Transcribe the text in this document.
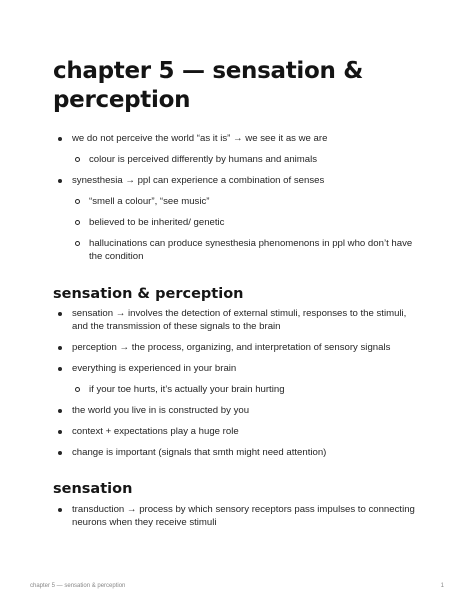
chapter 5 — sensation & perception
we do not perceive the world “as it is” → we see it as we are
colour is perceived differently by humans and animals
synesthesia → ppl can experience a combination of senses
“smell a colour”, “see music”
believed to be inherited/ genetic
hallucinations can produce synesthesia phenomenons in ppl who don’t have the condition
sensation & perception
sensation → involves the detection of external stimuli, responses to the stimuli, and the transmission of these signals to the brain
perception → the process, organizing, and interpretation of sensory signals
everything is experienced in your brain
if your toe hurts, it’s actually your brain hurting
the world you live in is constructed by you
context + expectations play a huge role
change is important (signals that smth might need attention)
sensation
transduction → process by which sensory receptors pass impulses to connecting neurons when they receive stimuli
chapter 5 — sensation & perception	1
